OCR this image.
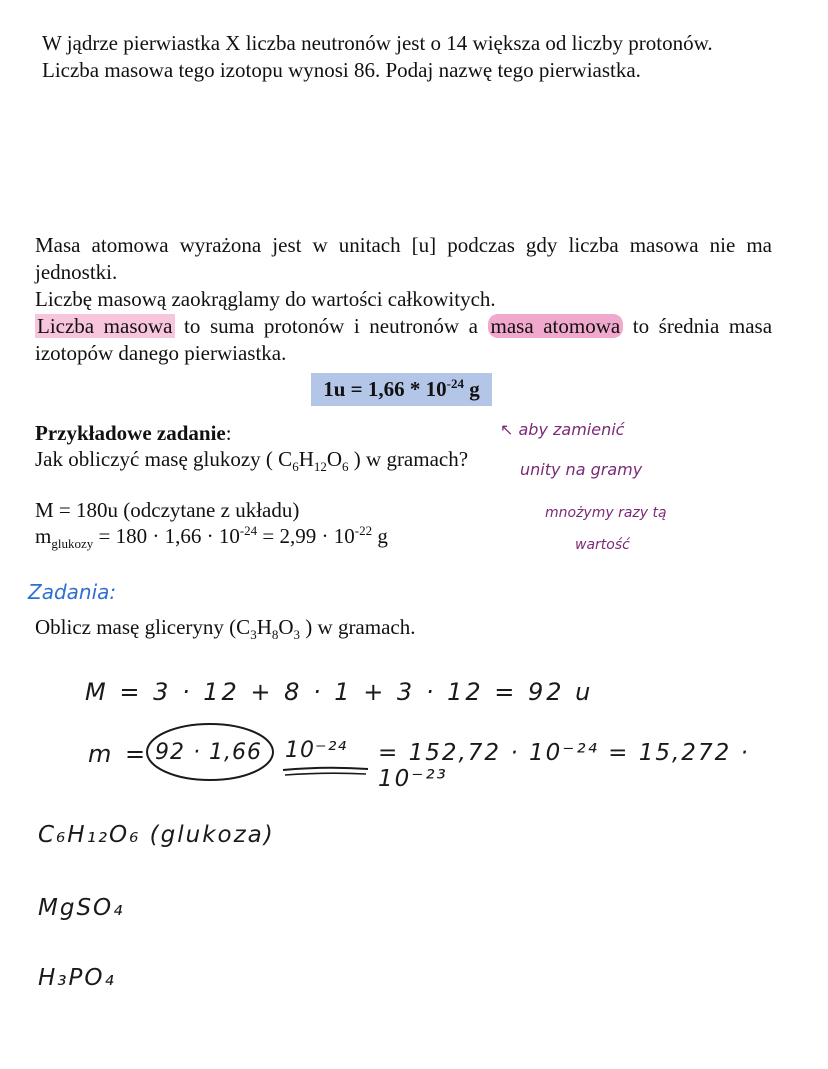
W jądrze pierwiastka X liczba neutronów jest o 14 większa od liczby protonów.
Liczba masowa tego izotopu wynosi 86. Podaj nazwę tego pierwiastka.
Masa atomowa wyrażona jest w unitach [u] podczas gdy liczba masowa nie ma jednostki.
Liczbę masową zaokrąglamy do wartości całkowitych.
Liczba masowa to suma protonów i neutronów a masa atomowa to średnia masa izotopów danego pierwiastka.
$1u = 1,66 * 10^{-24}$ g
Przykładowe zadanie:
Jak obliczyć masę glukozy ( $C_6H_{12}O_6$ ) w gramach?
M = 180u (odczytane z układu)
$m_{glukozy} = 180 \cdot 1,66 \cdot 10^{-24} = 2,99 \cdot 10^{-22}$ g
↖ aby zamienić
unity na gramy
mnożymy razy tą
wartość
Zadania:
Oblicz masę gliceryny ($C_3H_8O_3$ ) w gramach.
M = 3 · 12 + 8 · 1 + 3 · 12 = 92 u
m = 92 · 1,66 10⁻²⁴ = 152,72 · 10⁻²⁴ = 15,272 · 10⁻²³
C₆H₁₂O₆ (glukoza)
MgSO₄
H₃PO₄
